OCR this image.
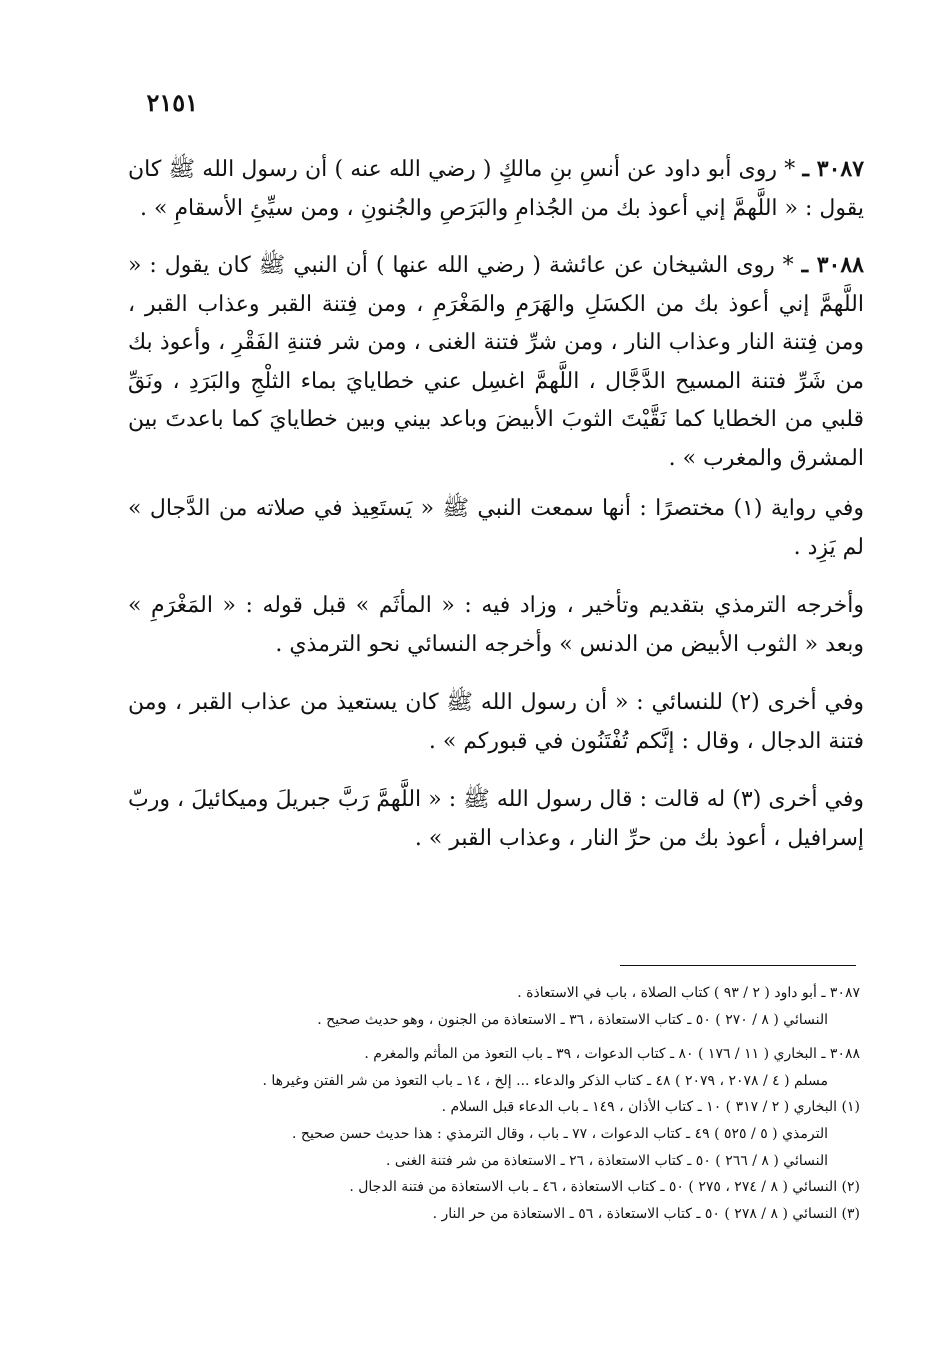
٢١٥١

٣٠٨٧ ـ * روى أبو داود عن أنسِ بنِ مالكٍ ( رضي الله عنه ) أن رسول الله ﷺ كان يقول : « اللَّهمَّ إني أعوذ بك من الجُذامِ والبَرَصِ والجُنونِ ، ومن سيِّئِ الأسقامِ » .

٣٠٨٨ ـ * روى الشيخان عن عائشة ( رضي الله عنها ) أن النبي ﷺ كان يقول : « اللَّهمَّ إني أعوذ بك من الكسَلِ والهَرَمِ والمَغْرَمِ ، ومن فِتنة القبر وعذاب القبر ، ومن فِتنة النار وعذاب النار ، ومن شرِّ فتنة الغنى ، ومن شر فتنةِ الفَقْرِ ، وأعوذ بك من شَرِّ فتنة المسيح الدَّجَّال ، اللَّهمَّ اغسِل عني خطايايَ بماء الثلْجِ والبَرَدِ ، ونَقِّ قلبي من الخطايا كما نَقَّيْتَ الثوبَ الأبيضَ وباعد بيني وبين خطايايَ كما باعدتَ بين المشرق والمغرب » .

وفي رواية (١) مختصرًا : أنها سمعت النبي ﷺ « يَستَعِيذ في صلاته من الدَّجال » لم يَزِد .

وأخرجه الترمذي بتقديم وتأخير ، وزاد فيه : « المأثَم » قبل قوله : « المَغْرَمِ » وبعد « الثوب الأبيض من الدنس » وأخرجه النسائي نحو الترمذي .

وفي أخرى (٢) للنسائي : « أن رسول الله ﷺ كان يستعيذ من عذاب القبر ، ومن فتنة الدجال ، وقال : إنَّكم تُفْتَنُون في قبوركم » .

وفي أخرى (٣) له قالت : قال رسول الله ﷺ : « اللَّهمَّ رَبَّ جبريلَ وميكائيلَ ، وربّ إسرافيل ، أعوذ بك من حرِّ النار ، وعذاب القبر » .

٣٠٨٧ ـ أبو داود ( ٢ / ٩٣ ) كتاب الصلاة ، باب في الاستعاذة .

النسائي ( ٨ / ٢٧٠ ) ٥٠ ـ كتاب الاستعاذة ، ٣٦ ـ الاستعاذة من الجنون ، وهو حديث صحيح .

٣٠٨٨ ـ البخاري ( ١١ / ١٧٦ ) ٨٠ ـ كتاب الدعوات ، ٣٩ ـ باب التعوذ من المأثم والمغرم .

مسلم ( ٤ / ٢٠٧٨ ، ٢٠٧٩ ) ٤٨ ـ كتاب الذكر والدعاء ... إلخ ، ١٤ ـ باب التعوذ من شر الفتن وغيرها .

(١) البخاري ( ٢ / ٣١٧ ) ١٠ ـ كتاب الأذان ، ١٤٩ ـ باب الدعاء قبل السلام .

الترمذي ( ٥ / ٥٢٥ ) ٤٩ ـ كتاب الدعوات ، ٧٧ ـ باب ، وقال الترمذي : هذا حديث حسن صحيح .

النسائي ( ٨ / ٢٦٦ ) ٥٠ ـ كتاب الاستعاذة ، ٢٦ ـ الاستعاذة من شر فتنة الغنى .

(٢) النسائي ( ٨ / ٢٧٤ ، ٢٧٥ ) ٥٠ ـ كتاب الاستعاذة ، ٤٦ ـ باب الاستعاذة من فتنة الدجال .

(٣) النسائي ( ٨ / ٢٧٨ ) ٥٠ ـ كتاب الاستعاذة ، ٥٦ ـ الاستعاذة من حر النار .
